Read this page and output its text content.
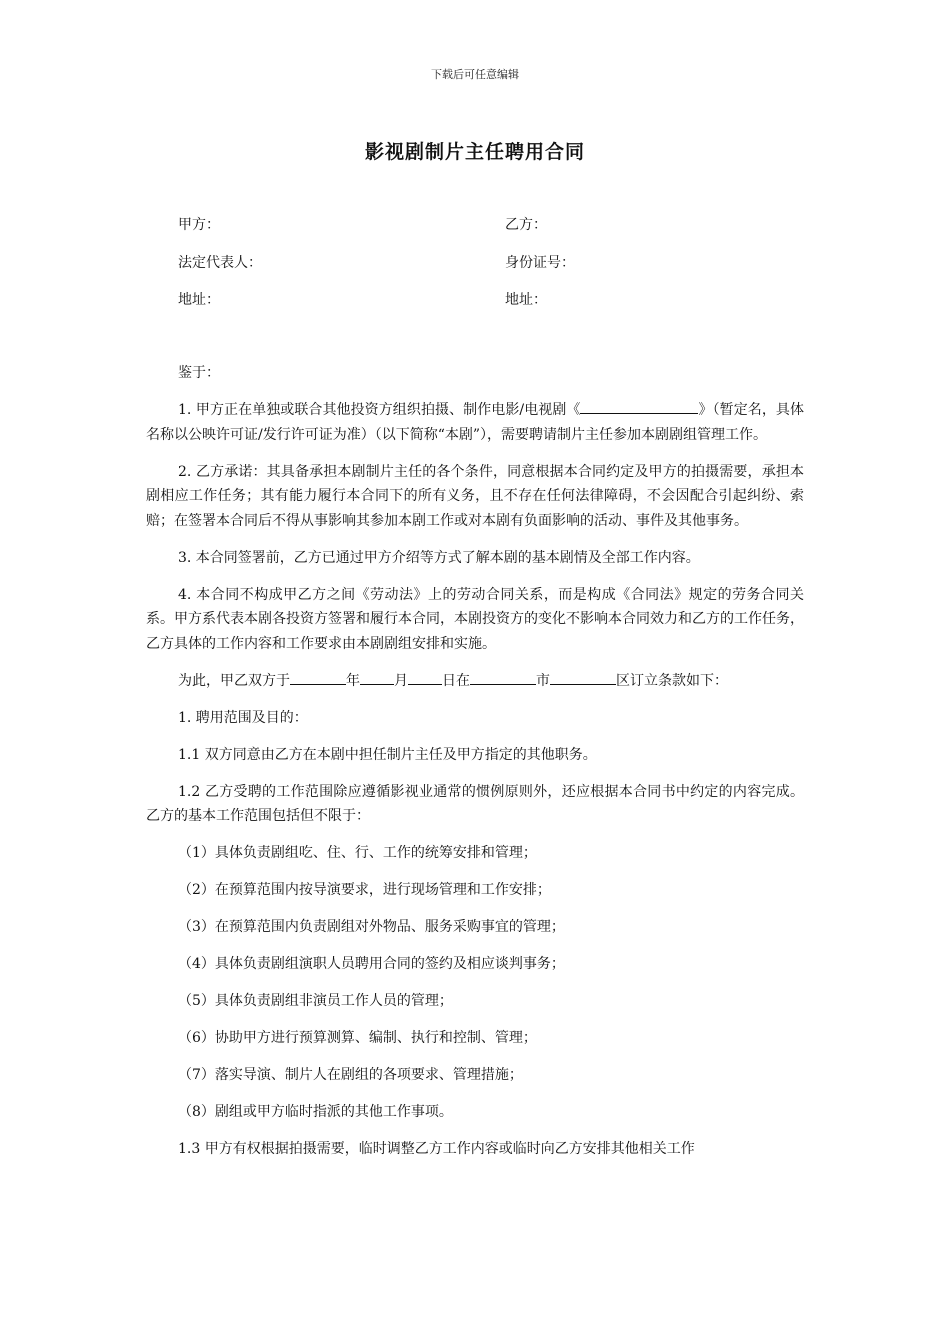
下载后可任意编辑
影视剧制片主任聘用合同
甲方：	乙方：
法定代表人：	身份证号：
地址：	地址：

鉴于：

1. 甲方正在单独或联合其他投资方组织拍摄、制作电影/电视剧《	》（暂定名，具体名称以公映许可证/发行许可证为准）（以下简称“本剧”），需要聘请制片主任参加本剧剧组管理工作。

2. 乙方承诺：其具备承担本剧制片主任的各个条件，同意根据本合同约定及甲方的拍摄需要，承担本剧相应工作任务；其有能力履行本合同下的所有义务，且不存在任何法律障碍，不会因配合引起纠纷、索赔；在签署本合同后不得从事影响其参加本剧工作或对本剧有负面影响的活动、事件及其他事务。

3. 本合同签署前，乙方已通过甲方介绍等方式了解本剧的基本剧情及全部工作内容。

4. 本合同不构成甲乙方之间《劳动法》上的劳动合同关系，而是构成《合同法》规定的劳务合同关系。甲方系代表本剧各投资方签署和履行本合同，本剧投资方的变化不影响本合同效力和乙方的工作任务，乙方具体的工作内容和工作要求由本剧剧组安排和实施。

为此，甲乙双方于	年 月 日在	市	区订立条款如下：

1. 聘用范围及目的：

1.1 双方同意由乙方在本剧中担任制片主任及甲方指定的其他职务。

1.2 乙方受聘的工作范围除应遵循影视业通常的惯例原则外，还应根据本合同书中约定的内容完成。乙方的基本工作范围包括但不限于：

（1）具体负责剧组吃、住、行、工作的统筹安排和管理；

（2）在预算范围内按导演要求，进行现场管理和工作安排；

（3）在预算范围内负责剧组对外物品、服务采购事宜的管理；

（4）具体负责剧组演职人员聘用合同的签约及相应谈判事务；

（5）具体负责剧组非演员工作人员的管理；

（6）协助甲方进行预算测算、编制、执行和控制、管理；

（7）落实导演、制片人在剧组的各项要求、管理措施；

（8）剧组或甲方临时指派的其他工作事项。

1.3 甲方有权根据拍摄需要，临时调整乙方工作内容或临时向乙方安排其他相关工作
